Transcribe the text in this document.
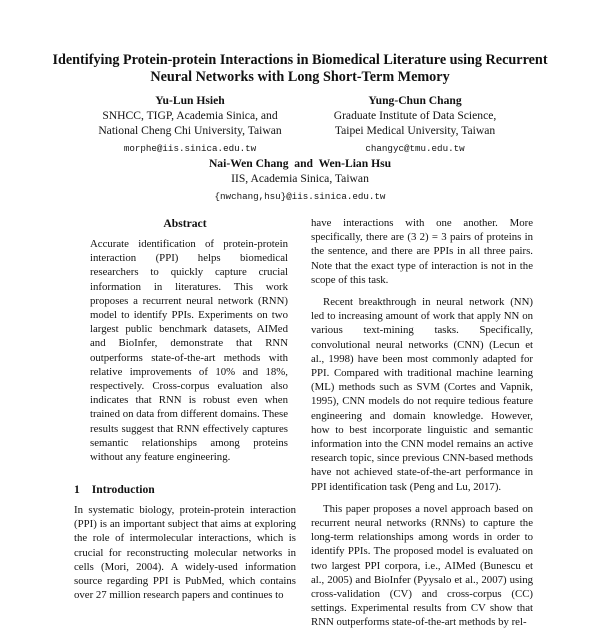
Identifying Protein-protein Interactions in Biomedical Literature using Recurrent Neural Networks with Long Short-Term Memory
Yu-Lun Hsieh
SNHCC, TIGP, Academia Sinica, and
National Cheng Chi University, Taiwan
morphe@iis.sinica.edu.tw
Yung-Chun Chang
Graduate Institute of Data Science,
Taipei Medical University, Taiwan
changyc@tmu.edu.tw
Nai-Wen Chang  and  Wen-Lian Hsu
IIS, Academia Sinica, Taiwan
{nwchang,hsu}@iis.sinica.edu.tw
Abstract
Accurate identification of protein-protein interaction (PPI) helps biomedical researchers to quickly capture crucial information in literatures. This work proposes a recurrent neural network (RNN) model to identify PPIs. Experiments on two largest public benchmark datasets, AIMed and BioInfer, demonstrate that RNN outperforms state-of-the-art methods with relative improvements of 10% and 18%, respectively. Cross-corpus evaluation also indicates that RNN is robust even when trained on data from different domains. These results suggest that RNN effectively captures semantic relationships among proteins without any feature engineering.
1 Introduction
In systematic biology, protein-protein interaction (PPI) is an important subject that aims at exploring the role of intermolecular interactions, which is crucial for reconstructing molecular networks in cells (Mori, 2004). A widely-used information source regarding PPI is PubMed, which contains over 27 million research papers and continues to

have interactions with one another. More specifically, there are (3 2) = 3 pairs of proteins in the sentence, and there are PPIs in all three pairs. Note that the exact type of interaction is not in the scope of this task.

Recent breakthrough in neural network (NN) led to increasing amount of work that apply NN on various text-mining tasks. Specifically, convolutional neural networks (CNN) (Lecun et al., 1998) have been most commonly adapted for PPI. Compared with traditional machine learning (ML) methods such as SVM (Cortes and Vapnik, 1995), CNN models do not require tedious feature engineering and domain knowledge. However, how to best incorporate linguistic and semantic information into the CNN model remains an active research topic, since previous CNN-based methods have not achieved state-of-the-art performance in PPI identification task (Peng and Lu, 2017).

This paper proposes a novel approach based on recurrent neural networks (RNNs) to capture the long-term relationships among words in order to identify PPIs. The proposed model is evaluated on two largest PPI corpora, i.e., AIMed (Bunescu et al., 2005) and BioInfer (Pyysalo et al., 2007) using cross-validation (CV) and cross-corpus (CC) settings. Experimental results from CV show that RNN outperforms state-of-the-art methods by rel-
